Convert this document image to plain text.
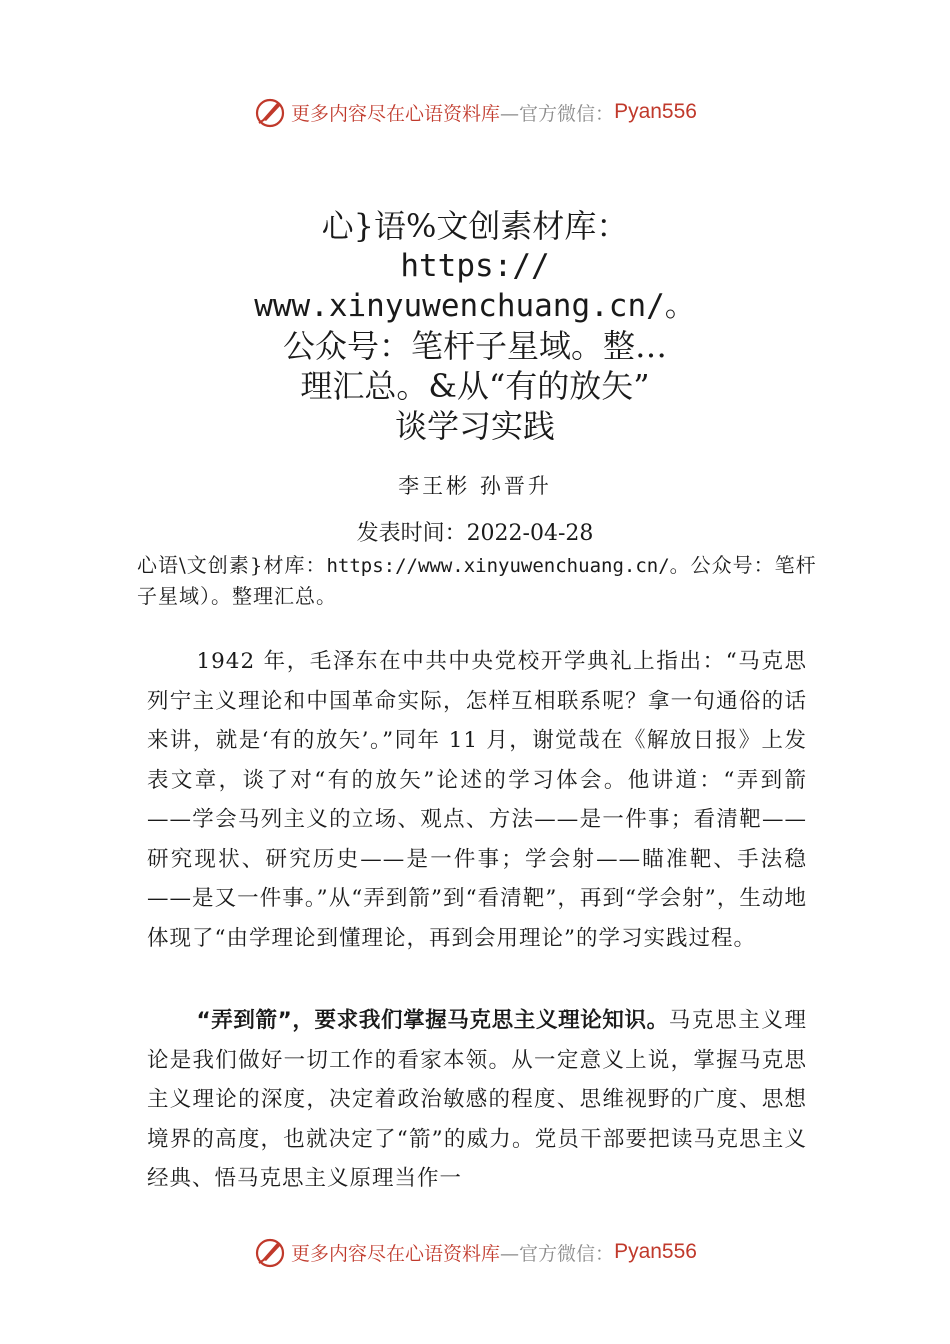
更多内容尽在心语资料库 —官方微信： Pyan556
心}语%文创素材库：
https://
www.xinyuwenchuang.cn/。
公众号：笔杆子星域。整…
理汇总。&从“有的放矢”
谈学习实践
李王彬 孙晋升
发表时间：2022-04-28
心语\文创素}材库：https://www.xinyuwenchuang.cn/。公众号：笔杆子星域）。整理汇总。

1942 年，毛泽东在中共中央党校开学典礼上指出：“马克思列宁主义理论和中国革命实际，怎样互相联系呢？拿一句通俗的话来讲，就是‘有的放矢’。”同年 11 月，谢觉哉在《解放日报》上发表文章，谈了对“有的放矢”论述的学习体会。他讲道：“弄到箭——学会马列主义的立场、观点、方法——是一件事；看清靶——研究现状、研究历史——是一件事；学会射——瞄准靶、手法稳——是又一件事。”从“弄到箭”到“看清靶”，再到“学会射”，生动地体现了“由学理论到懂理论，再到会用理论”的学习实践过程。

“弄到箭”，要求我们掌握马克思主义理论知识。马克思主义理论是我们做好一切工作的看家本领。从一定意义上说，掌握马克思主义理论的深度，决定着政治敏感的程度、思维视野的广度、思想境界的高度，也就决定了“箭”的威力。党员干部要把读马克思主义经典、悟马克思主义原理当作一

更多内容尽在心语资料库 —官方微信： Pyan556
